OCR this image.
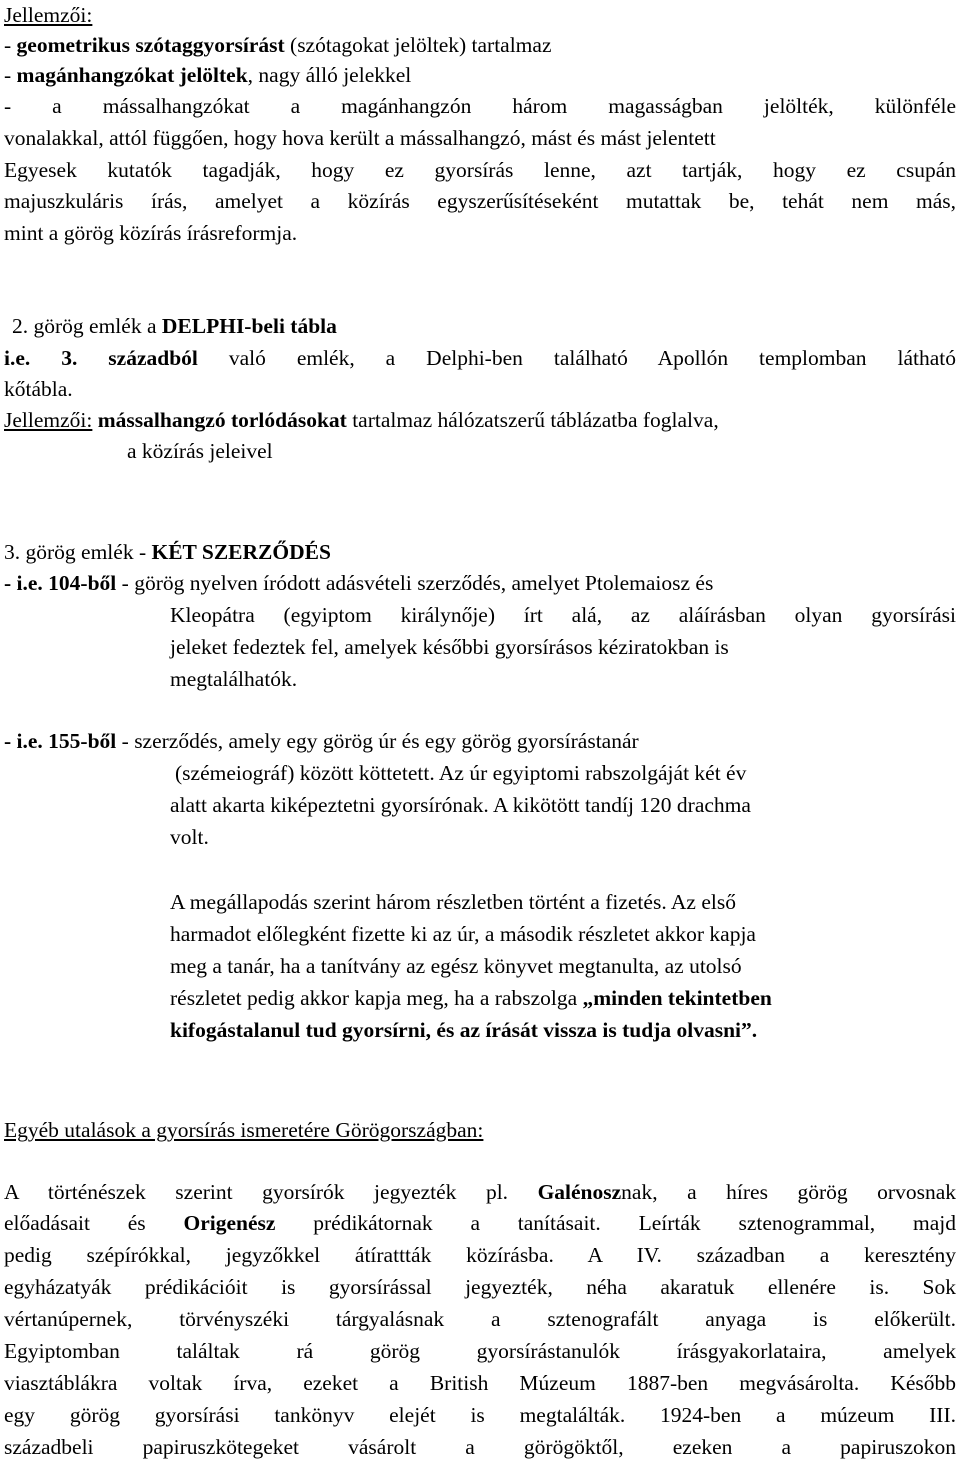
Jellemzői:
- geometrikus szótaggyorsírást (szótagokat jelöltek) tartalmaz
- magánhangzókat jelöltek, nagy álló jelekkel
- a mássalhangzókat a magánhangzón három magasságban jelölték, különféle
vonalakkal, attól függően, hogy hova került a mássalhangzó, mást és mást jelentett
Egyesek kutatók tagadják, hogy ez gyorsírás lenne, azt tartják, hogy ez csupán
majuszkuláris írás, amelyet a közírás egyszerűsítéseként mutattak be, tehát nem más,
mint a görög közírás írásreformja.
2. görög emlék a DELPHI-beli tábla
i.e. 3. századból való emlék, a Delphi-ben található Apollón templomban látható
kőtábla.
Jellemzői: mássalhangzó torlódásokat tartalmaz hálózatszerű táblázatba foglalva,
a közírás jeleivel
3. görög emlék - KÉT SZERZŐDÉS
- i.e. 104-ből - görög nyelven íródott adásvételi szerződés, amelyet Ptolemaiosz és
Kleopátra (egyiptom királynője) írt alá, az aláírásban olyan gyorsírási
jeleket fedeztek fel, amelyek későbbi gyorsírásos kéziratokban is
megtalálhatók.
- i.e. 155-ből - szerződés, amely egy görög úr és egy görög gyorsírástanár
(szémeiográf) között köttetett. Az úr egyiptomi rabszolgáját két év
alatt akarta kiképeztetni gyorsírónak. A kikötött tandíj 120 drachma
volt.
A megállapodás szerint három részletben történt a fizetés. Az első
harmadot előlegként fizette ki az úr, a második részletet akkor kapja
meg a tanár, ha a tanítvány az egész könyvet megtanulta, az utolsó
részletet pedig akkor kapja meg, ha a rabszolga „minden tekintetben
kifogástalanul tud gyorsírni, és az írását vissza is tudja olvasni”.
Egyéb utalások a gyorsírás ismeretére Görögországban:
A történészek szerint gyorsírók jegyezték pl. Galénosznak, a híres görög orvosnak
előadásait és Origenész prédikátornak a tanításait. Leírták sztenogrammal, majd
pedig szépírókkal, jegyzőkkel átírattták közírásba. A IV. században a keresztény
egyházatyák prédikációit is gyorsírással jegyezték, néha akaratuk ellenére is. Sok
vértanúpernek, törvényszéki tárgyalásnak a sztenografált anyaga is előkerült.
Egyiptomban találtak rá görög gyorsírástanulók írásgyakorlataira, amelyek
viasztáblákra voltak írva, ezeket a British Múzeum 1887-ben megvásárolta. Később
egy görög gyorsírási tankönyv elejét is megtalálták. 1924-ben a múzeum III.
századbeli papiruszkötegeket vásárolt a görögöktől, ezeken a papiruszokon
